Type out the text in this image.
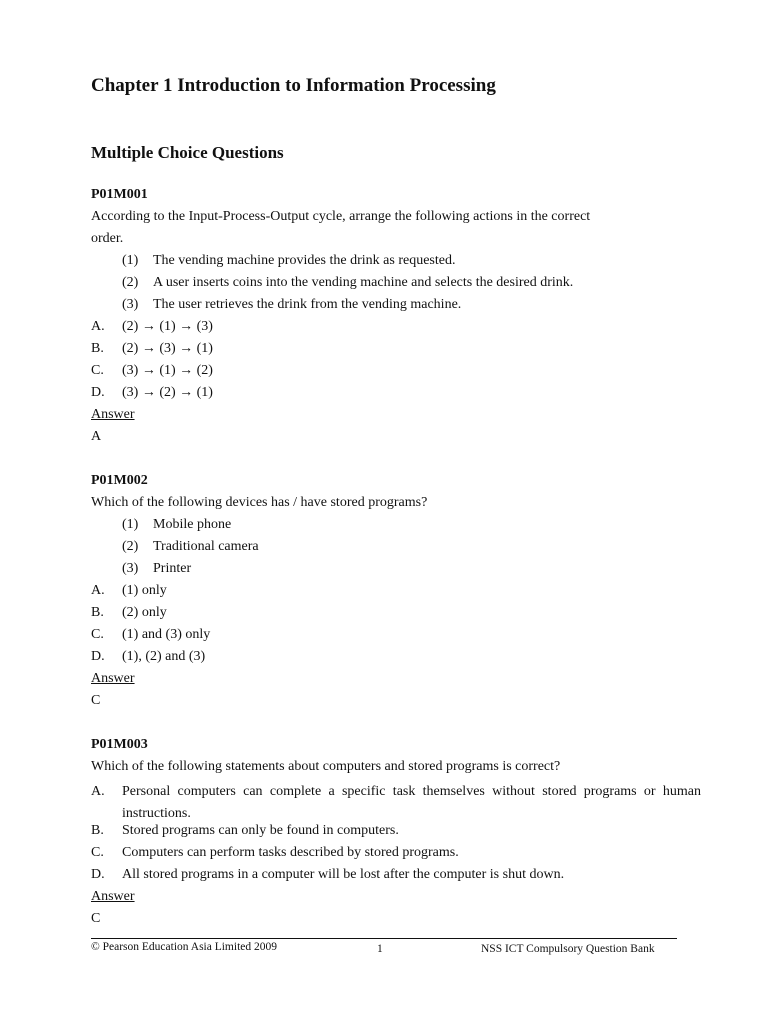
Chapter 1 Introduction to Information Processing
Multiple Choice Questions
P01M001
According to the Input-Process-Output cycle, arrange the following actions in the correct
order.
(1) The vending machine provides the drink as requested.
(2) A user inserts coins into the vending machine and selects the desired drink.
(3) The user retrieves the drink from the vending machine.
A. (2) → (1) → (3)
B. (2) → (3) → (1)
C. (3) → (1) → (2)
D. (3) → (2) → (1)
Answer
A
P01M002
Which of the following devices has / have stored programs?
(1) Mobile phone
(2) Traditional camera
(3) Printer
A. (1) only
B. (2) only
C. (1) and (3) only
D. (1), (2) and (3)
Answer
C
P01M003
Which of the following statements about computers and stored programs is correct?
A.	Personal computers can complete a specific task themselves without stored programs or human instructions.
B. Stored programs can only be found in computers.
C. Computers can perform tasks described by stored programs.
D. All stored programs in a computer will be lost after the computer is shut down.
Answer
C
© Pearson Education Asia Limited 2009	1	NSS ICT Compulsory Question Bank
